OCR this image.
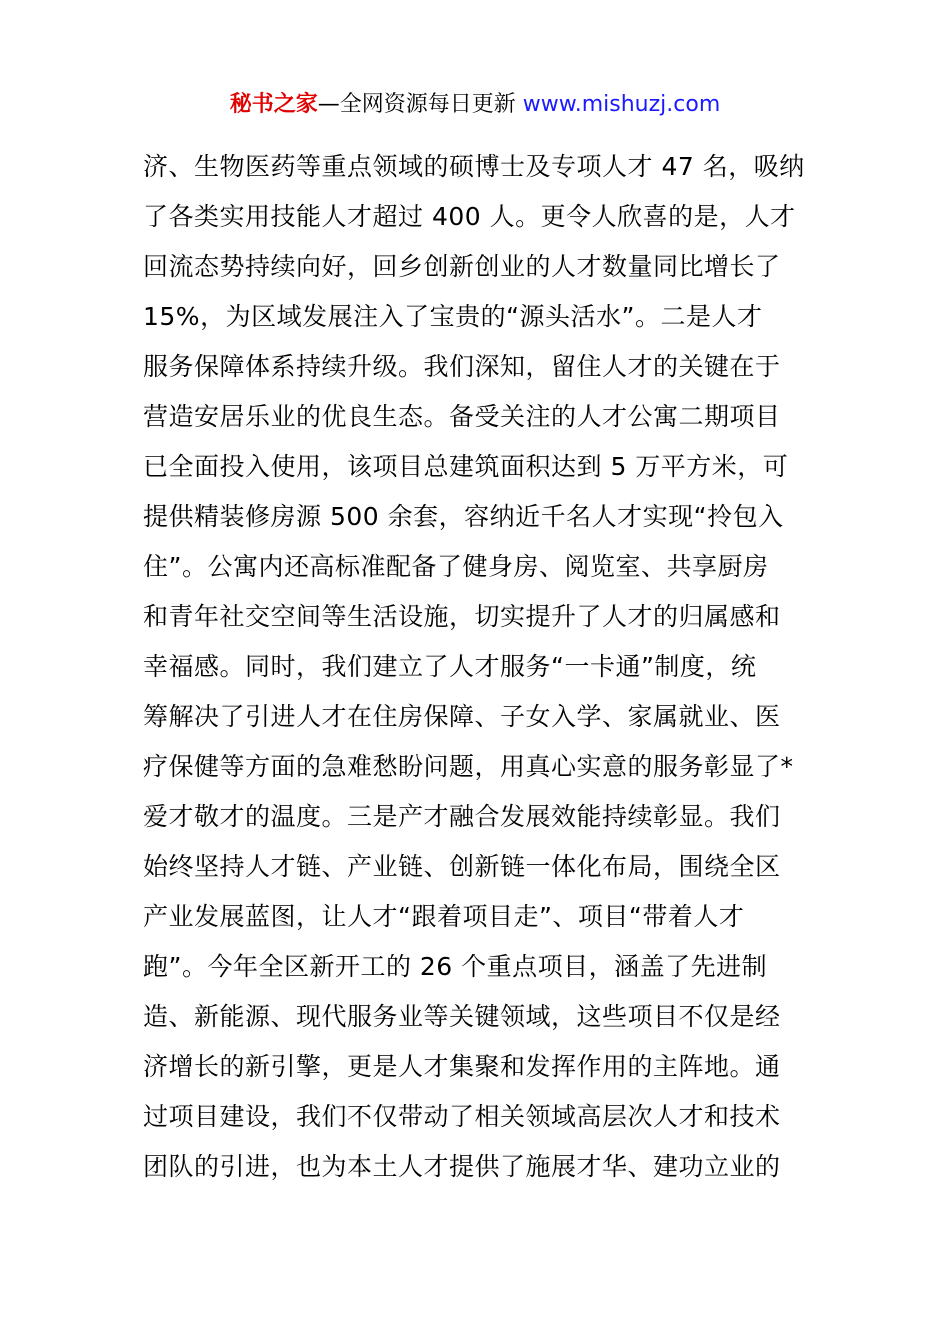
秘书之家—全网资源每日更新 www.mishuzj.com
济、生物医药等重点领域的硕博士及专项人才 47 名，吸纳
了各类实用技能人才超过 400 人。更令人欣喜的是，人才
回流态势持续向好，回乡创新创业的人才数量同比增长了
15%，为区域发展注入了宝贵的“源头活水”。二是人才
服务保障体系持续升级。我们深知，留住人才的关键在于
营造安居乐业的优良生态。备受关注的人才公寓二期项目
已全面投入使用，该项目总建筑面积达到 5 万平方米，可
提供精装修房源 500 余套，容纳近千名人才实现“拎包入
住”。公寓内还高标准配备了健身房、阅览室、共享厨房
和青年社交空间等生活设施，切实提升了人才的归属感和
幸福感。同时，我们建立了人才服务“一卡通”制度，统
筹解决了引进人才在住房保障、子女入学、家属就业、医
疗保健等方面的急难愁盼问题，用真心实意的服务彰显了*
爱才敬才的温度。三是产才融合发展效能持续彰显。我们
始终坚持人才链、产业链、创新链一体化布局，围绕全区
产业发展蓝图，让人才“跟着项目走”、项目“带着人才
跑”。今年全区新开工的 26 个重点项目，涵盖了先进制
造、新能源、现代服务业等关键领域，这些项目不仅是经
济增长的新引擎，更是人才集聚和发挥作用的主阵地。通
过项目建设，我们不仅带动了相关领域高层次人才和技术
团队的引进，也为本土人才提供了施展才华、建功立业的
